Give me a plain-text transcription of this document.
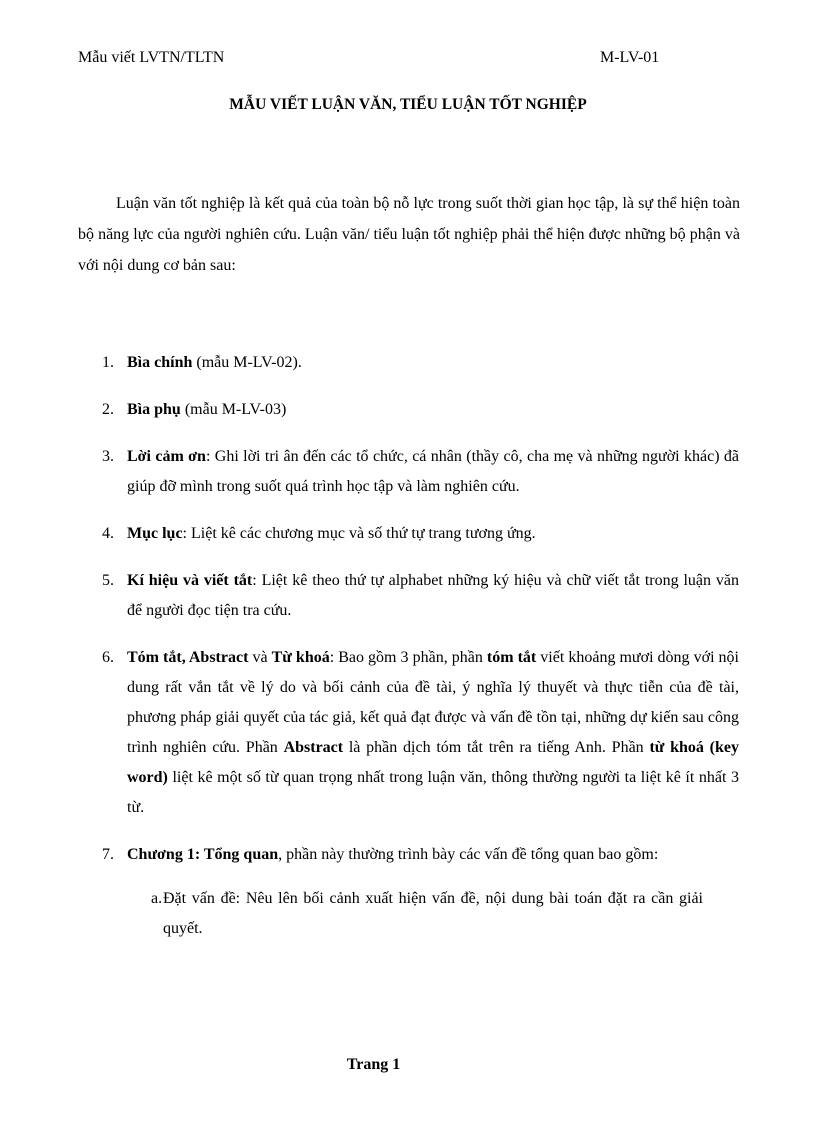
Mẫu viết LVTN/TLTN	M-LV-01
MẪU VIẾT LUẬN VĂN, TIỂU LUẬN TỐT NGHIỆP

Luận văn tốt nghiệp là kết quả của toàn bộ nỗ lực trong suốt thời gian học tập, là sự thể hiện toàn bộ năng lực của người nghiên cứu. Luận văn/ tiểu luận tốt nghiệp phải thể hiện được những bộ phận và với nội dung cơ bản sau:

1. Bìa chính (mẫu M-LV-02).
2. Bìa phụ (mẫu M-LV-03)
3. Lời cảm ơn: Ghi lời tri ân đến các tổ chức, cá nhân (thầy cô, cha mẹ và những người khác) đã giúp đỡ mình trong suốt quá trình học tập và làm nghiên cứu.
4. Mục lục: Liệt kê các chương mục và số thứ tự trang tương ứng.
5. Kí hiệu và viết tắt: Liệt kê theo thứ tự alphabet những ký hiệu và chữ viết tắt trong luận văn để người đọc tiện tra cứu.
6. Tóm tắt, Abstract và Từ khoá: Bao gồm 3 phần, phần tóm tắt viết khoảng mươi dòng với nội dung rất vắn tắt về lý do và bối cảnh của đề tài, ý nghĩa lý thuyết và thực tiễn của đề tài, phương pháp giải quyết của tác giả, kết quả đạt được và vấn đề tồn tại, những dự kiến sau công trình nghiên cứu. Phần Abstract là phần dịch tóm tắt trên ra tiếng Anh. Phần từ khoá (key word) liệt kê một số từ quan trọng nhất trong luận văn, thông thường người ta liệt kê ít nhất 3 từ.
7. Chương 1: Tổng quan, phần này thường trình bày các vấn đề tổng quan bao gồm:
a. Đặt vấn đề: Nêu lên bối cảnh xuất hiện vấn đề, nội dung bài toán đặt ra cần giải quyết.
Trang 1
